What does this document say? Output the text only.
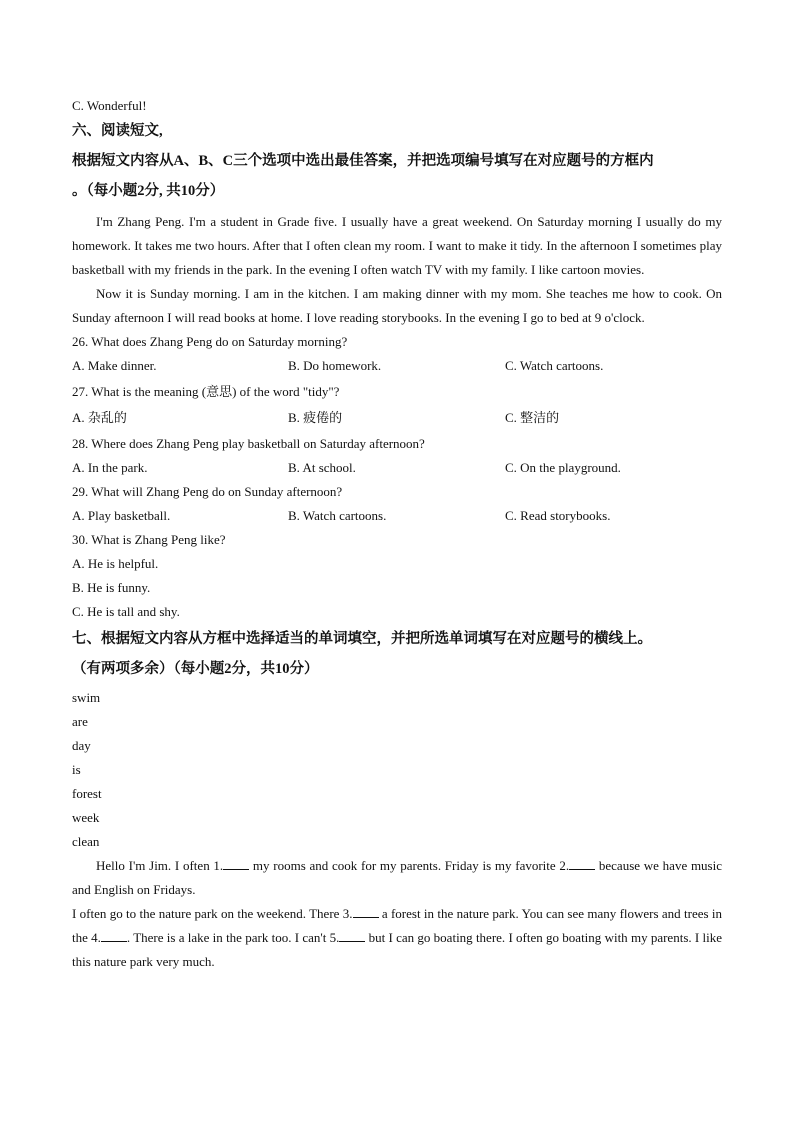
C. Wonderful!
六、阅读短文,
根据短文内容从A、B、C三个选项中选出最佳答案，并把选项编号填写在对应题号的方框内
。（每小题2分, 共10分）

I'm Zhang Peng. I'm a student in Grade five. I usually have a great weekend. On Saturday morning I usually do my homework. It takes me two hours. After that I often clean my room. I want to make it tidy. In the afternoon I sometimes play basketball with my friends in the park. In the evening I often watch TV with my family. I like cartoon movies.

Now it is Sunday morning. I am in the kitchen. I am making dinner with my mom. She teaches me how to cook. On Sunday afternoon I will read books at home. I love reading storybooks. In the evening I go to bed at 9 o'clock.

26. What does Zhang Peng do on Saturday morning?
A. Make dinner.	B. Do homework.	C. Watch cartoons.
27. What is the meaning (意思) of the word "tidy"?
A. 杂乱的	B. 疲倦的	C. 整洁的
28. Where does Zhang Peng play basketball on Saturday afternoon?
A. In the park.	B. At school.	C. On the playground.
29. What will Zhang Peng do on Sunday afternoon?
A. Play basketball.	B. Watch cartoons.	C. Read storybooks.
30. What is Zhang Peng like?
A. He is helpful.
B. He is funny.
C. He is tall and shy.
七、根据短文内容从方框中选择适当的单词填空，并把所选单词填写在对应题号的横线上。
（有两项多余）（每小题2分，共10分）
swim
are
day
is
forest
week
clean

Hello I'm Jim. I often 1. my rooms and cook for my parents. Friday is my favorite 2. because we have music and English on Fridays.

I often go to the nature park on the weekend. There 3. a forest in the nature park. You can see many flowers and trees in the 4. . There is a lake in the park too. I can't 5. but I can go boating there. I often go boating with my parents. I like this nature park very much.
